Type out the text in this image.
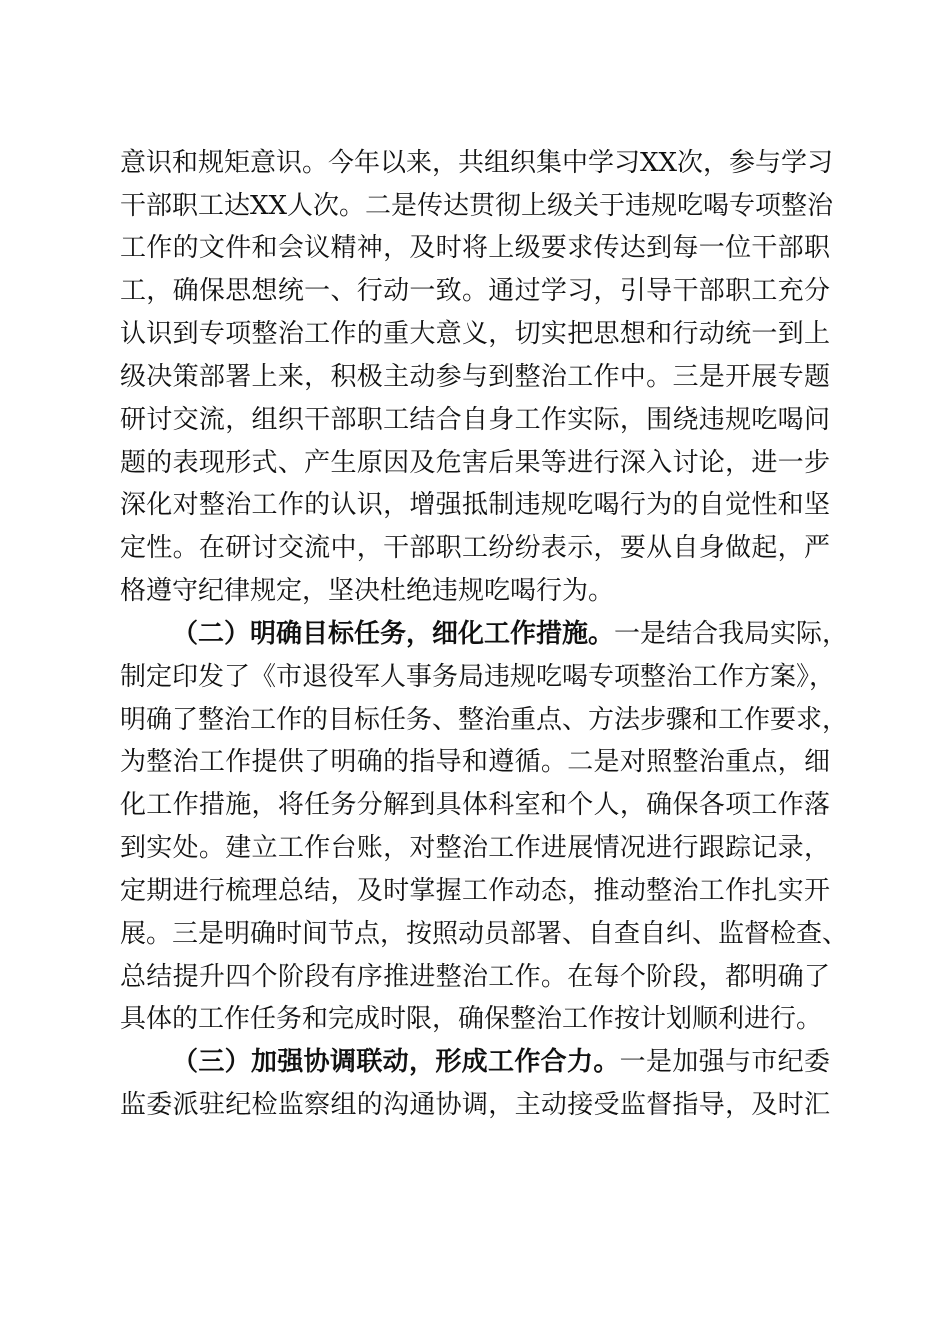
意识和规矩意识。今年以来，共组织集中学习XX次，参与学习
干部职工达XX人次。二是传达贯彻上级关于违规吃喝专项整治
工作的文件和会议精神，及时将上级要求传达到每一位干部职
工，确保思想统一、行动一致。通过学习，引导干部职工充分
认识到专项整治工作的重大意义，切实把思想和行动统一到上
级决策部署上来，积极主动参与到整治工作中。三是开展专题
研讨交流，组织干部职工结合自身工作实际，围绕违规吃喝问
题的表现形式、产生原因及危害后果等进行深入讨论，进一步
深化对整治工作的认识，增强抵制违规吃喝行为的自觉性和坚
定性。在研讨交流中，干部职工纷纷表示，要从自身做起，严
格遵守纪律规定，坚决杜绝违规吃喝行为。
（二）明确目标任务，细化工作措施。一是结合我局实际，
制定印发了《市退役军人事务局违规吃喝专项整治工作方案》，
明确了整治工作的目标任务、整治重点、方法步骤和工作要求，
为整治工作提供了明确的指导和遵循。二是对照整治重点，细
化工作措施，将任务分解到具体科室和个人，确保各项工作落
到实处。建立工作台账，对整治工作进展情况进行跟踪记录，
定期进行梳理总结，及时掌握工作动态，推动整治工作扎实开
展。三是明确时间节点，按照动员部署、自查自纠、监督检查、
总结提升四个阶段有序推进整治工作。在每个阶段，都明确了
具体的工作任务和完成时限，确保整治工作按计划顺利进行。
（三）加强协调联动，形成工作合力。一是加强与市纪委
监委派驻纪检监察组的沟通协调，主动接受监督指导，及时汇
